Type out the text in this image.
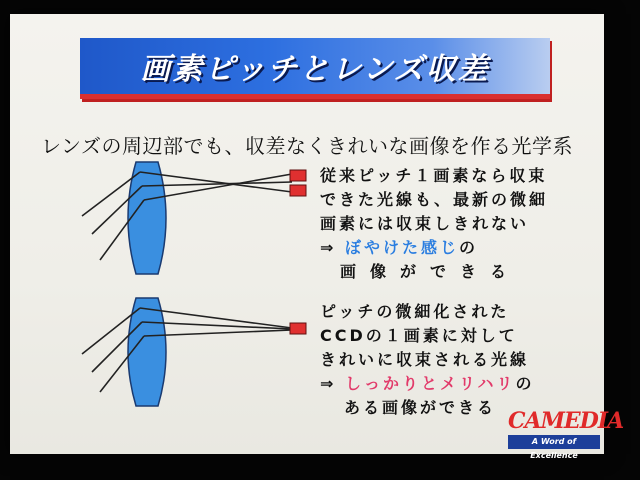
画素ピッチとレンズ収差
レンズの周辺部でも、収差なくきれいな画像を作る光学系
従来ピッチ１画素なら収束
できた光線も、最新の微細
画素には収束しきれない
⇒ ぼやけた感じの
画像ができる
ピッチの微細化された
CCDの１画素に対して
きれいに収束される光線
⇒ しっかりとメリハリの
ある画像ができる
CAMEDIA
A Word of Excellence
